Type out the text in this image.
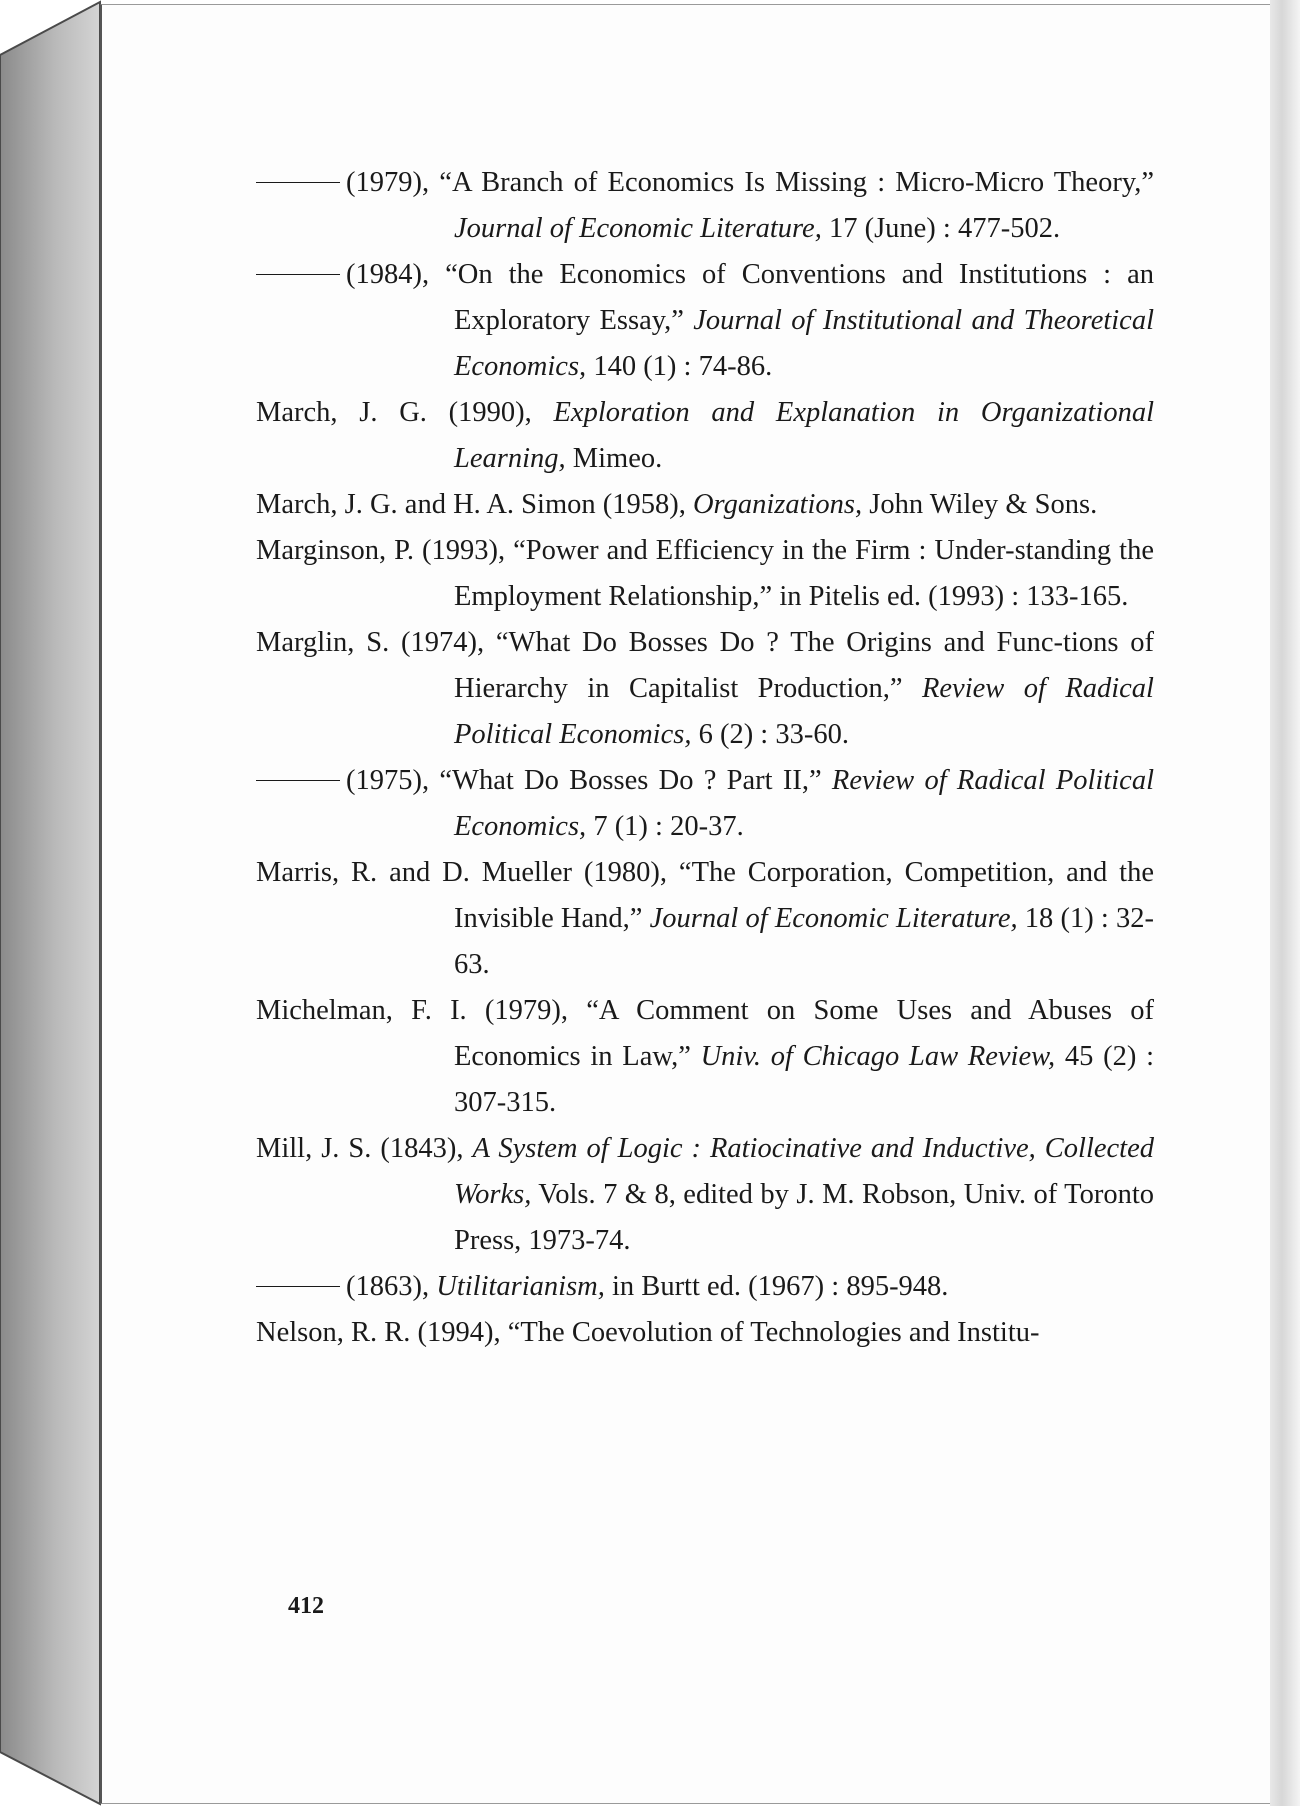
(1979), “A Branch of Economics Is Missing : Micro-Micro Theory,” Journal of Economic Literature, 17 (June) : 477-502.

(1984), “On the Economics of Conventions and Institutions : an Exploratory Essay,” Journal of Institutional and Theoretical Economics, 140 (1) : 74-86.

March, J. G. (1990), Exploration and Explanation in Organizational Learning, Mimeo.

March, J. G. and H. A. Simon (1958), Organizations, John Wiley & Sons.

Marginson, P. (1993), “Power and Efficiency in the Firm : Under-standing the Employment Relationship,” in Pitelis ed. (1993) : 133-165.

Marglin, S. (1974), “What Do Bosses Do ? The Origins and Func-tions of Hierarchy in Capitalist Production,” Review of Radical Political Economics, 6 (2) : 33-60.

(1975), “What Do Bosses Do ? Part II,” Review of Radical Political Economics, 7 (1) : 20-37.

Marris, R. and D. Mueller (1980), “The Corporation, Competition, and the Invisible Hand,” Journal of Economic Literature, 18 (1) : 32-63.

Michelman, F. I. (1979), “A Comment on Some Uses and Abuses of Economics in Law,” Univ. of Chicago Law Review, 45 (2) : 307-315.

Mill, J. S. (1843), A System of Logic : Ratiocinative and Inductive, Collected Works, Vols. 7 & 8, edited by J. M. Robson, Univ. of Toronto Press, 1973-74.

(1863), Utilitarianism, in Burtt ed. (1967) : 895-948.

Nelson, R. R. (1994), “The Coevolution of Technologies and Institu-

412
